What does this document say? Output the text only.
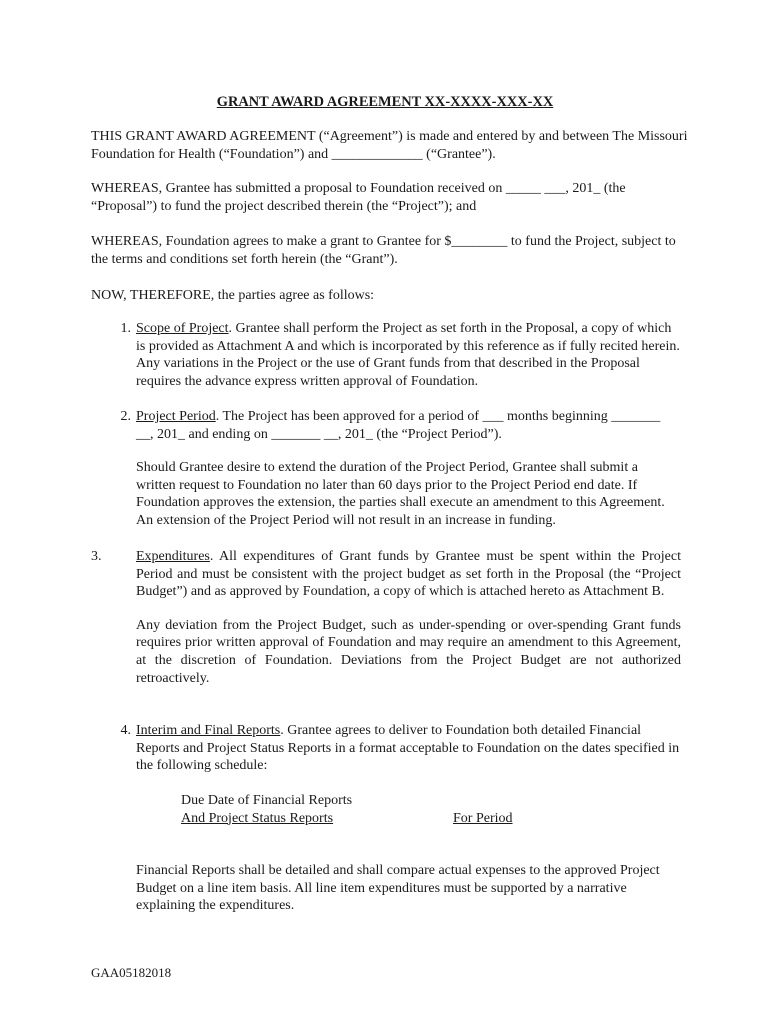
GRANT AWARD AGREEMENT XX-XXXX-XXX-XX
THIS GRANT AWARD AGREEMENT (“Agreement”) is made and entered by and between The Missouri Foundation for Health (“Foundation”) and _____________ (“Grantee”).
WHEREAS, Grantee has submitted a proposal to Foundation received on _____ ___, 201_ (the “Proposal”) to fund the project described therein (the “Project”); and
WHEREAS, Foundation agrees to make a grant to Grantee for $________ to fund the Project, subject to the terms and conditions set forth herein (the “Grant”).
NOW, THEREFORE, the parties agree as follows:
1. Scope of Project. Grantee shall perform the Project as set forth in the Proposal, a copy of which is provided as Attachment A and which is incorporated by this reference as if fully recited herein. Any variations in the Project or the use of Grant funds from that described in the Proposal requires the advance express written approval of Foundation.
2. Project Period. The Project has been approved for a period of ___ months beginning _______ __, 201_ and ending on _______ __, 201_ (the “Project Period”).
Should Grantee desire to extend the duration of the Project Period, Grantee shall submit a written request to Foundation no later than 60 days prior to the Project Period end date. If Foundation approves the extension, the parties shall execute an amendment to this Agreement. An extension of the Project Period will not result in an increase in funding.
3.	Expenditures. All expenditures of Grant funds by Grantee must be spent within the Project Period and must be consistent with the project budget as set forth in the Proposal (the “Project Budget”) and as approved by Foundation, a copy of which is attached hereto as Attachment B.
Any deviation from the Project Budget, such as under-spending or over-spending Grant funds requires prior written approval of Foundation and may require an amendment to this Agreement, at the discretion of Foundation. Deviations from the Project Budget are not authorized retroactively.
4. Interim and Final Reports. Grantee agrees to deliver to Foundation both detailed Financial Reports and Project Status Reports in a format acceptable to Foundation on the dates specified in the following schedule:
Due Date of Financial Reports
And Project Status Reports	For Period
Financial Reports shall be detailed and shall compare actual expenses to the approved Project Budget on a line item basis. All line item expenditures must be supported by a narrative explaining the expenditures.
GAA05182018
